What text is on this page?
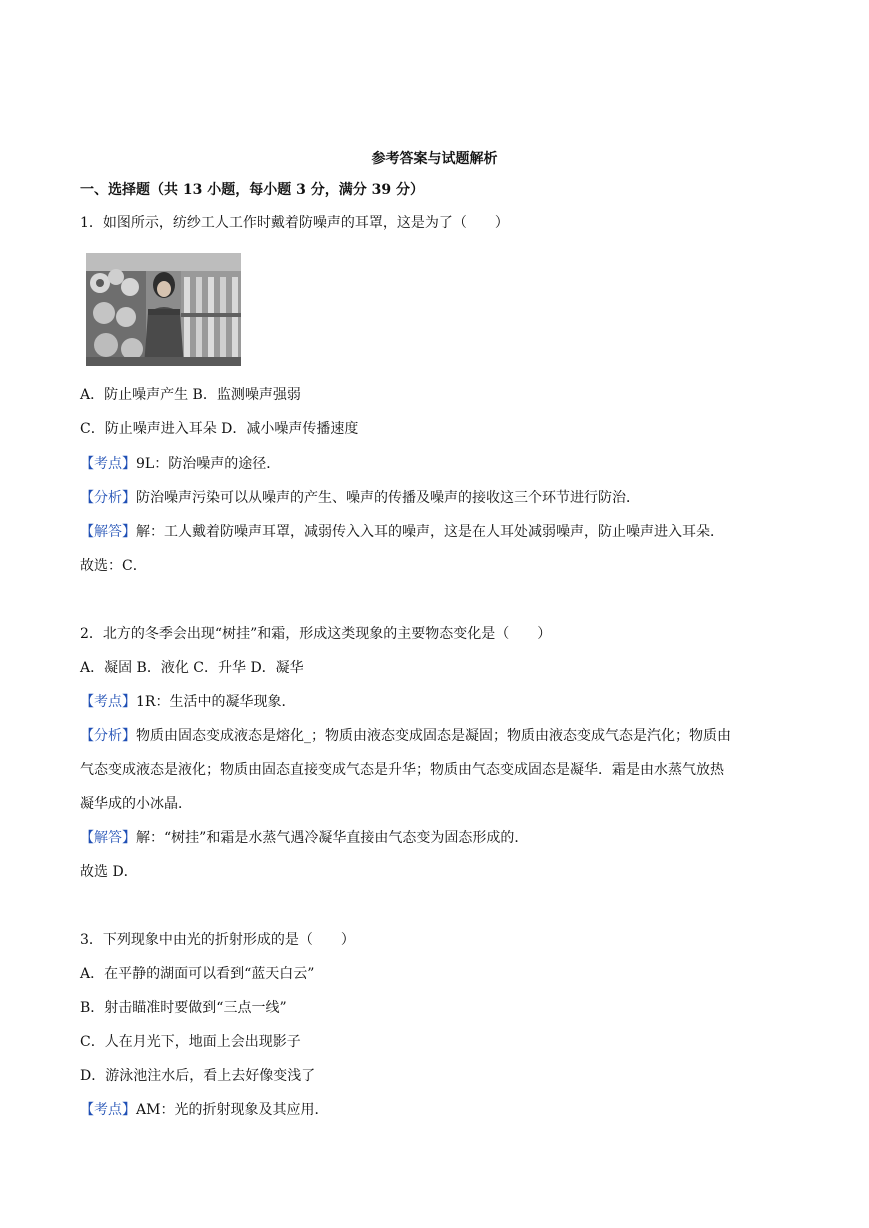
参考答案与试题解析
一、选择题（共 13 小题，每小题 3 分，满分 39 分）
1．如图所示，纺纱工人工作时戴着防噪声的耳罩，这是为了（　　）
A．防止噪声产生 B．监测噪声强弱
C．防止噪声进入耳朵 D．减小噪声传播速度
【考点】9L：防治噪声的途径．
【分析】防治噪声污染可以从噪声的产生、噪声的传播及噪声的接收这三个环节进行防治．
【解答】解：工人戴着防噪声耳罩，减弱传入入耳的噪声，这是在人耳处减弱噪声，防止噪声进入耳朵．
故选：C．
2．北方的冬季会出现“树挂”和霜，形成这类现象的主要物态变化是（　　）
A．凝固 B．液化 C．升华 D．凝华
【考点】1R：生活中的凝华现象．
【分析】物质由固态变成液态是熔化_；物质由液态变成固态是凝固；物质由液态变成气态是汽化；物质由
气态变成液态是液化；物质由固态直接变成气态是升华；物质由气态变成固态是凝华．霜是由水蒸气放热
凝华成的小冰晶．
【解答】解：“树挂”和霜是水蒸气遇冷凝华直接由气态变为固态形成的．
故选 D．
3．下列现象中由光的折射形成的是（　　）
A．在平静的湖面可以看到“蓝天白云”
B．射击瞄准时要做到“三点一线”
C．人在月光下，地面上会出现影子
D．游泳池注水后，看上去好像变浅了
【考点】AM：光的折射现象及其应用．
